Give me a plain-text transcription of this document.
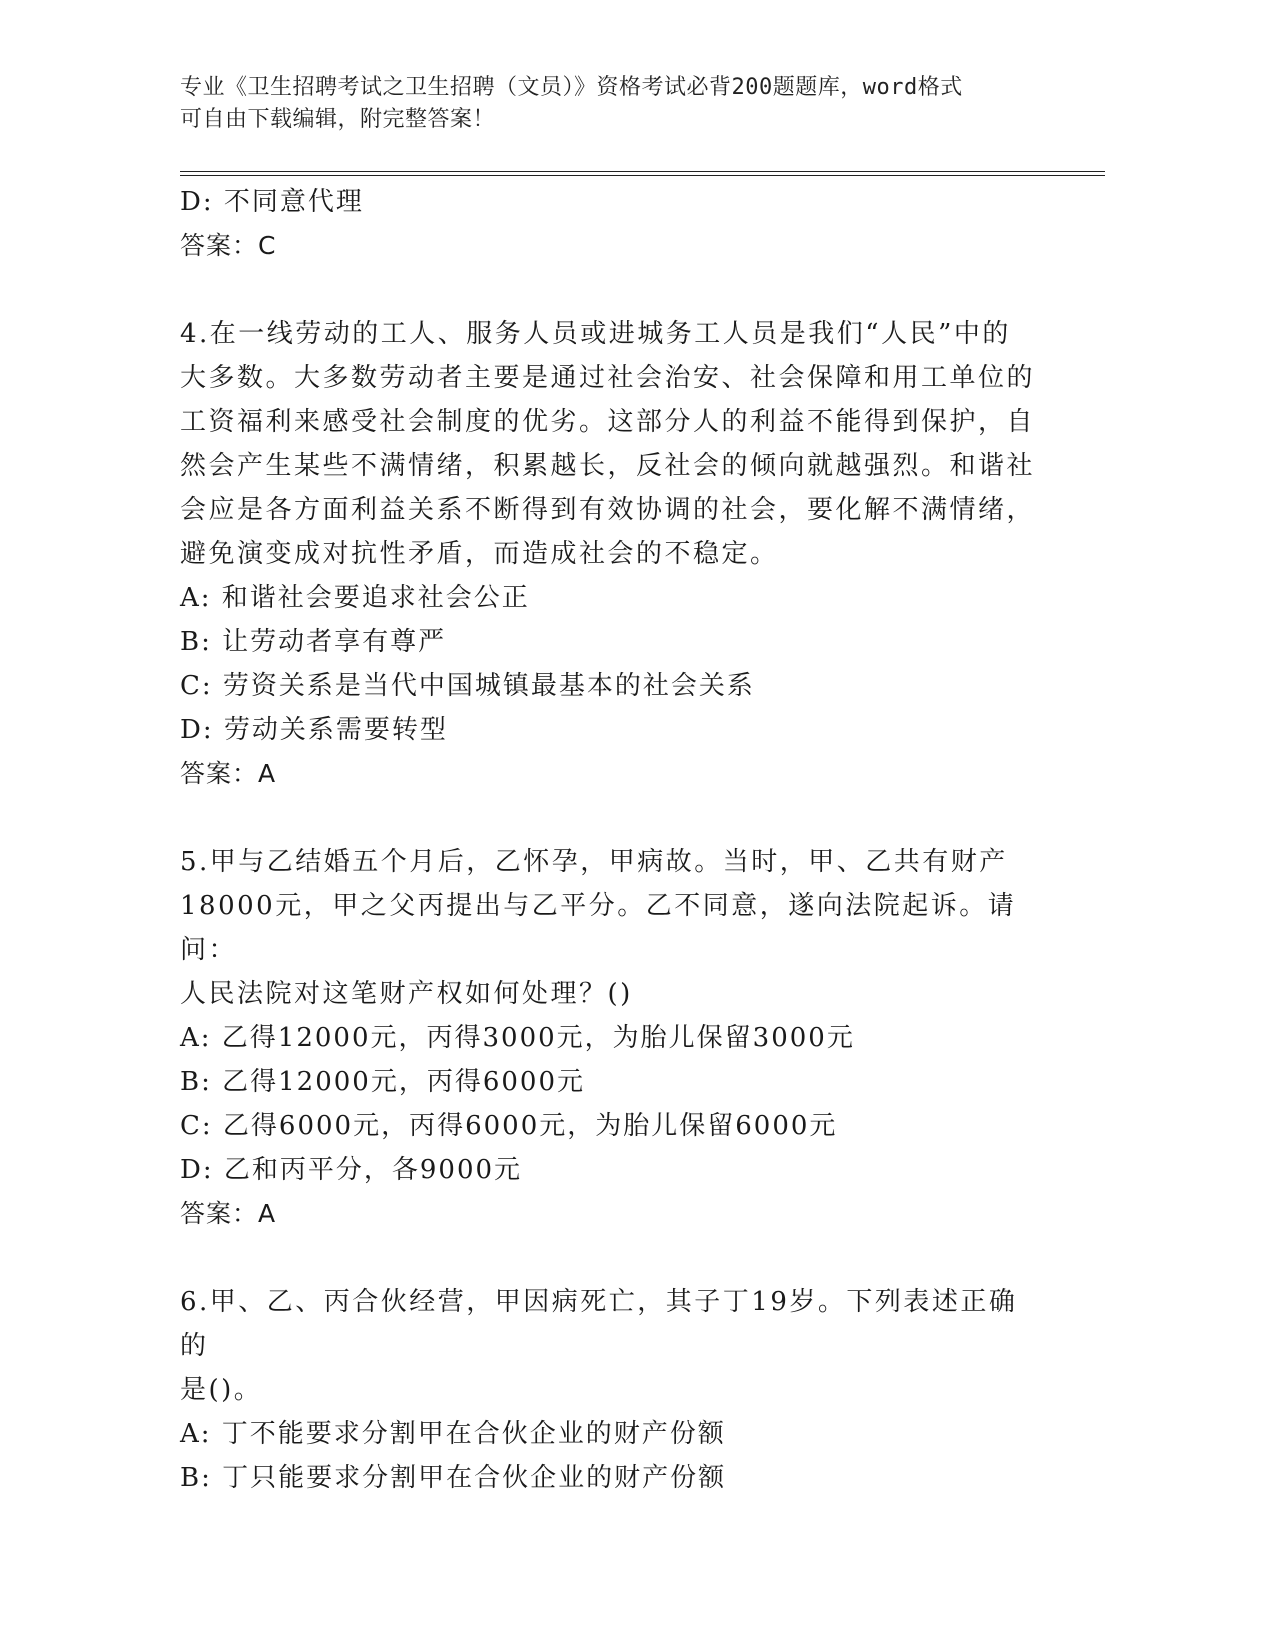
专业《卫生招聘考试之卫生招聘（文员）》资格考试必背200题题库，word格式
可自由下载编辑，附完整答案！
D: 不同意代理
答案：C
4.在一线劳动的工人、服务人员或进城务工人员是我们“人民”中的
大多数。大多数劳动者主要是通过社会治安、社会保障和用工单位的
工资福利来感受社会制度的优劣。这部分人的利益不能得到保护，自
然会产生某些不满情绪，积累越长，反社会的倾向就越强烈。和谐社
会应是各方面利益关系不断得到有效协调的社会，要化解不满情绪，
避免演变成对抗性矛盾，而造成社会的不稳定。
A: 和谐社会要追求社会公正
B: 让劳动者享有尊严
C: 劳资关系是当代中国城镇最基本的社会关系
D: 劳动关系需要转型
答案：A
5.甲与乙结婚五个月后，乙怀孕，甲病故。当时，甲、乙共有财产
18000元，甲之父丙提出与乙平分。乙不同意，遂向法院起诉。请问：
人民法院对这笔财产权如何处理？()
A: 乙得12000元，丙得3000元，为胎儿保留3000元
B: 乙得12000元，丙得6000元
C: 乙得6000元，丙得6000元，为胎儿保留6000元
D: 乙和丙平分，各9000元
答案：A
6.甲、乙、丙合伙经营，甲因病死亡，其子丁19岁。下列表述正确的
是()。
A: 丁不能要求分割甲在合伙企业的财产份额
B: 丁只能要求分割甲在合伙企业的财产份额
